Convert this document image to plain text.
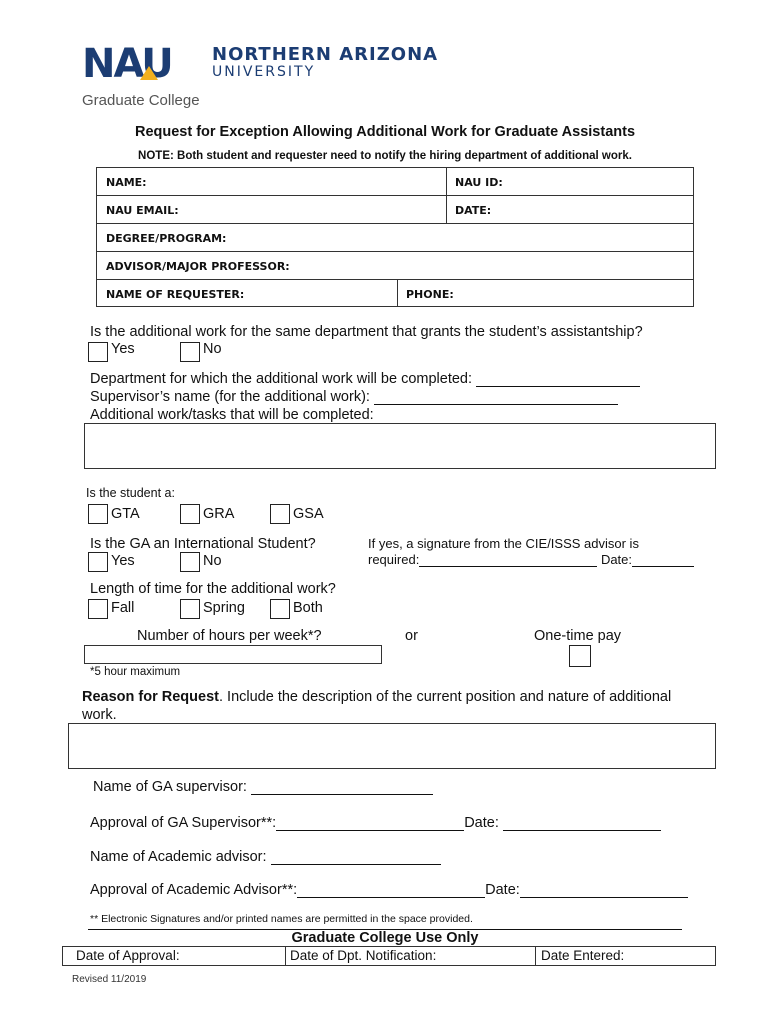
NAU NORTHERN ARIZONA
UNIVERSITY
Graduate College
Request for Exception Allowing Additional Work for Graduate Assistants
NOTE: Both student and requester need to notify the hiring department of additional work.
NAME:	NAU ID:
NAU EMAIL:	DATE:
DEGREE/PROGRAM:
ADVISOR/MAJOR PROFESSOR:
NAME OF REQUESTER:	PHONE:
Is the additional work for the same department that grants the student’s assistantship?
Yes	No
Department for which the additional work will be completed:
Supervisor’s name (for the additional work):
Additional work/tasks that will be completed:
Is the student a:
GTA	GRA	GSA
Is the GA an International Student?
Yes	No
If yes, a signature from the CIE/ISSS advisor is
required:	Date:
Length of time for the additional work?
Fall	Spring	Both
Number of hours per week*?	or	One-time pay
*5 hour maximum
Reason for Request. Include the description of the current position and nature of additional
work.
Name of GA supervisor:
Approval of GA Supervisor**:	Date:
Name of Academic advisor:
Approval of Academic Advisor**:	Date:
** Electronic Signatures and/or printed names are permitted in the space provided.
Graduate College Use Only
Date of Approval:	Date of Dpt. Notification:	Date Entered:
Revised 11/2019
